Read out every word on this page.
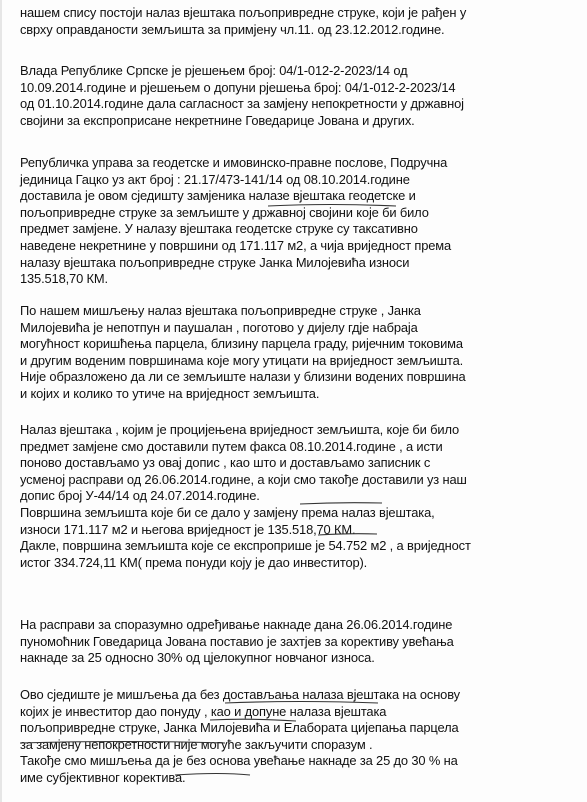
нашем спису постоји налаз вјештака пољопривредне струке, који је рађен у
сврху оправданости земљишта за примјену чл.11. од 23.12.2012.године.
Влада Републике Српске је рјешењем број: 04/1-012-2-2023/14 од
10.09.2014.године и рјешењем о допуни рјешења број: 04/1-012-2-2023/14
од 01.10.2014.године дала сагласност за замјену непокретности у државној
својини за експроприсане некретнине Говедарице Јована и других.
Републичка управа за геодетске и имовинско-правне послове, Подручна
јединица Гацко уз акт број : 21.17/473-141/14 од 08.10.2014.године
доставила је овом сједишту замјеника налазе вјештака геодетске и
пољопривредне струке за земљиште у државној својини које би било
предмет замјене. У налазу вјештака геодетске струке су таксативно
наведене некретнине у површини од 171.117 м2, а чија вриједност према
налазу вјештака пољопривредне струке Јанка Милојевића износи
135.518,70 КМ.
По нашем мишљењу налаз вјештака пољопривредне струке , Јанка
Милојевића је непотпун и паушалан , поготово у дијелу гдје набраја
могућност коришћења парцела, близину парцела граду, ријечним токовима
и другим воденим површинама које могу утицати на вриједност земљишта.
Није образложено да ли се земљиште налази у близини водених површина
и којих и колико то утиче на вриједност земљишта.
Налаз вјештака , којим је процијењена вриједност земљишта, које би било
предмет замјене смо доставили путем факса 08.10.2014.године , а исти
поново достављамо уз овај допис , као што и достављамо записник с
усменој расправи од 26.06.2014.године, а који смо такође доставили уз наш
допис број У-44/14 од 24.07.2014.године.
Површина земљишта које би се дало у замјену према налаз вјештака,
износи 171.117 м2 и његова вриједност је 135.518,70 КМ.
Дакле, површина земљишта које се експроприше је 54.752 м2 , а вриједност
истог 334.724,11 КМ( према понуди коју је дао инвеститор).
На расправи за споразумно одређивање накнаде дана 26.06.2014.године
пуномоћник Говедарица Јована поставио је захтјев за корективу увећања
накнаде за 25 односно 30% од цјелокупног новчаног износа.
Ово сједиште је мишљења да без достављања налаза вјештака на основу
којих је инвеститор дао понуду , као и допуне налаза вјештака
пољопривредне струке, Јанка Милојевића и Елабората цијепања парцела
за замјену непокретности није могуће закључити споразум .
Такође смо мишљења да је без основа увећање накнаде за 25 до 30 % на
име субјективног коректива.
